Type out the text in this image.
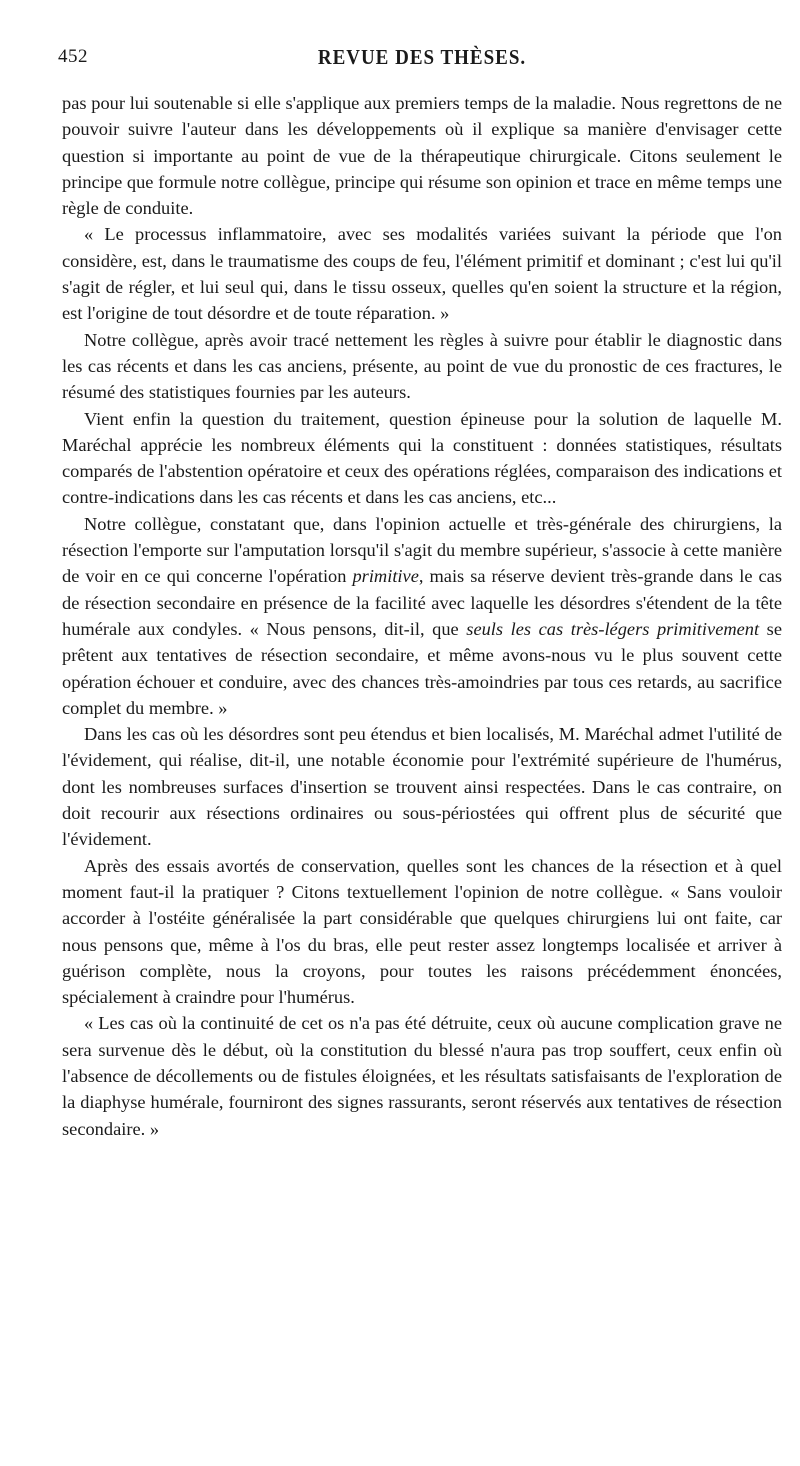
452	REVUE DES THÈSES.

pas pour lui soutenable si elle s'applique aux premiers temps de la maladie. Nous regrettons de ne pouvoir suivre l'auteur dans les développements où il explique sa manière d'envisager cette question si importante au point de vue de la thérapeutique chirurgicale. Citons seulement le principe que formule notre collègue, principe qui résume son opinion et trace en même temps une règle de conduite.

« Le processus inflammatoire, avec ses modalités variées suivant la période que l'on considère, est, dans le traumatisme des coups de feu, l'élément primitif et dominant ; c'est lui qu'il s'agit de régler, et lui seul qui, dans le tissu osseux, quelles qu'en soient la structure et la région, est l'origine de tout désordre et de toute réparation. »

Notre collègue, après avoir tracé nettement les règles à suivre pour établir le diagnostic dans les cas récents et dans les cas anciens, présente, au point de vue du pronostic de ces fractures, le résumé des statistiques fournies par les auteurs.

Vient enfin la question du traitement, question épineuse pour la solution de laquelle M. Maréchal apprécie les nombreux éléments qui la constituent : données statistiques, résultats comparés de l'abstention opératoire et ceux des opérations réglées, comparaison des indications et contre-indications dans les cas récents et dans les cas anciens, etc...

Notre collègue, constatant que, dans l'opinion actuelle et très-générale des chirurgiens, la résection l'emporte sur l'amputation lorsqu'il s'agit du membre supérieur, s'associe à cette manière de voir en ce qui concerne l'opération primitive, mais sa réserve devient très-grande dans le cas de résection secondaire en présence de la facilité avec laquelle les désordres s'étendent de la tête humérale aux condyles. « Nous pensons, dit-il, que seuls les cas très-légers primitivement se prêtent aux tentatives de résection secondaire, et même avons-nous vu le plus souvent cette opération échouer et conduire, avec des chances très-amoindries par tous ces retards, au sacrifice complet du membre. »

Dans les cas où les désordres sont peu étendus et bien localisés, M. Maréchal admet l'utilité de l'évidement, qui réalise, dit-il, une notable économie pour l'extrémité supérieure de l'humérus, dont les nombreuses surfaces d'insertion se trouvent ainsi respectées. Dans le cas contraire, on doit recourir aux résections ordinaires ou sous-périostées qui offrent plus de sécurité que l'évidement.

Après des essais avortés de conservation, quelles sont les chances de la résection et à quel moment faut-il la pratiquer ? Citons textuellement l'opinion de notre collègue. « Sans vouloir accorder à l'ostéite généralisée la part considérable que quelques chirurgiens lui ont faite, car nous pensons que, même à l'os du bras, elle peut rester assez longtemps localisée et arriver à guérison complète, nous la croyons, pour toutes les raisons précédemment énoncées, spécialement à craindre pour l'humérus.

« Les cas où la continuité de cet os n'a pas été détruite, ceux où aucune complication grave ne sera survenue dès le début, où la constitution du blessé n'aura pas trop souffert, ceux enfin où l'absence de décollements ou de fistules éloignées, et les résultats satisfaisants de l'exploration de la diaphyse humérale, fourniront des signes rassurants, seront réservés aux tentatives de résection secondaire. »
